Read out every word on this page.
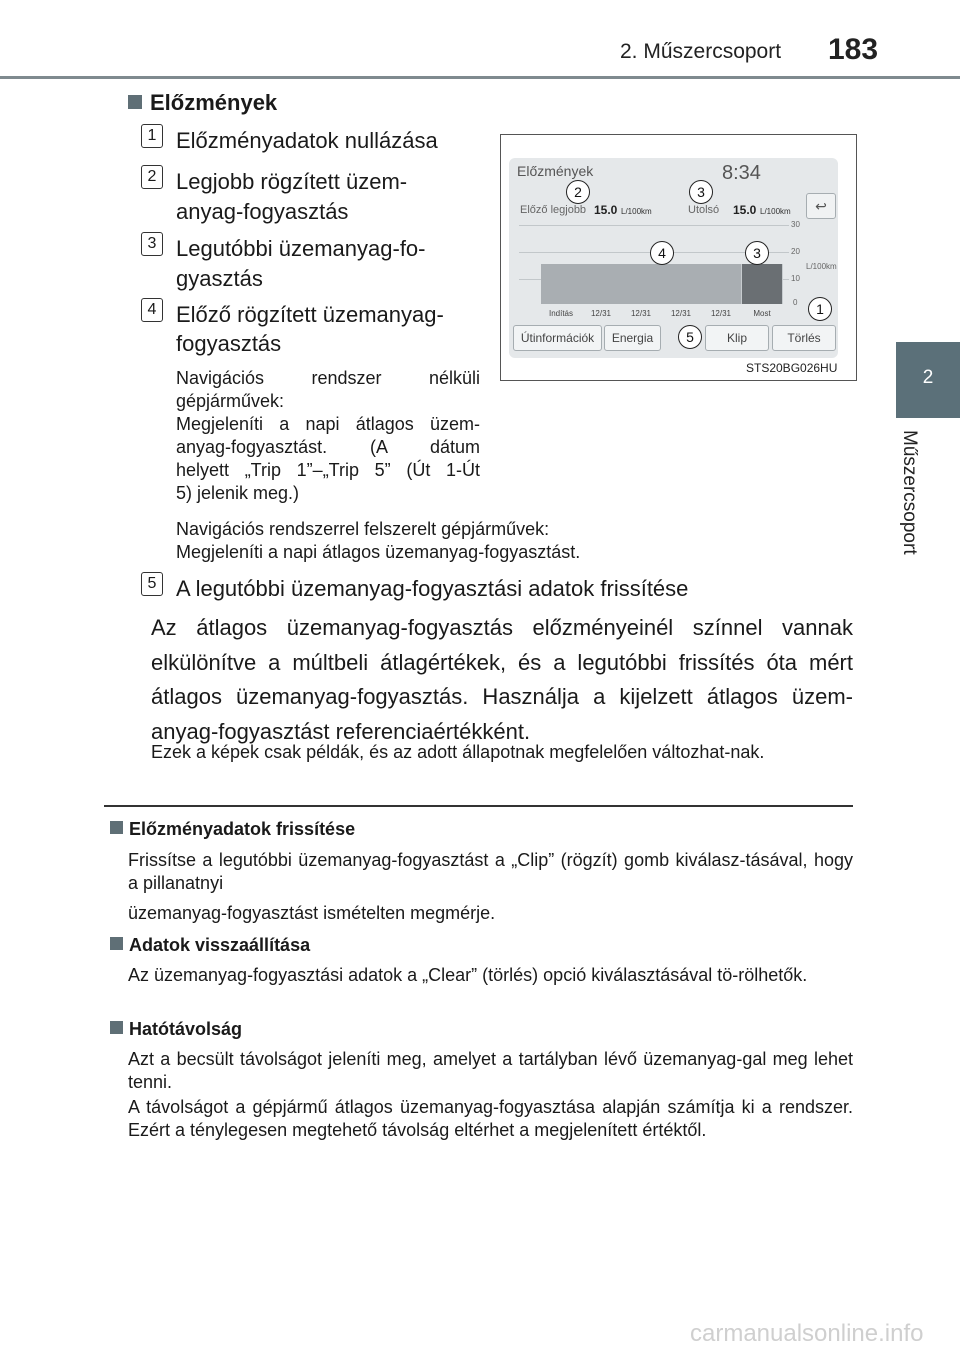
2. Műszercsoport 183
2
Műszercsoport
Előzmények
1 Előzményadatok nullázása
2 Legjobb rögzített üzem-
anyag-fogyasztás
3 Legutóbbi üzemanyag-fo-
gyasztás
4 Előző rögzített üzemanyag-
fogyasztás
Navigációs rendszer nélküli
gépjárművek:
Megjeleníti a napi átlagos üzem-
anyag-fogyasztást. (A dátum
helyett „Trip 1”–„Trip 5” (Út 1-Út
5) jelenik meg.)
Navigációs rendszerrel felszerelt gépjárművek:
Megjeleníti a napi átlagos üzemanyag-fogyasztást.
5 A legutóbbi üzemanyag-fogyasztási adatok frissítése
Az átlagos üzemanyag-fogyasztás előzményeinél színnel vannak elkülönítve a múltbeli átlagértékek, és a legutóbbi frissítés óta mért átlagos üzemanyag-fogyasztás. Használja a kijelzett átlagos üzem-anyag-fogyasztást referenciaértékként.
Ezek a képek csak példák, és az adott állapotnak megfelelően változhat-nak.
Előzményadatok frissítése
Frissítse a legutóbbi üzemanyag-fogyasztást a „Clip” (rögzít) gomb kiválasz-tásával, hogy a pillanatnyi
üzemanyag-fogyasztást ismételten megmérje.
Adatok visszaállítása
Az üzemanyag-fogyasztási adatok a „Clear” (törlés) opció kiválasztásával tö-rölhetők.
Hatótávolság
Azt a becsült távolságot jeleníti meg, amelyet a tartályban lévő üzemanyag-gal meg lehet tenni.
A távolságot a gépjármű átlagos üzemanyag-fogyasztása alapján számítja ki a rendszer. Ezért a ténylegesen megtehető távolság eltérhet a megjelenített értéktől.
Előzmények	8:34
↩
Előző legjobb 15.0 L/100km	Utolsó 15.0 L/100km
30
20
10
0
L/100km
Indítás	12/31	12/31	12/31	12/31	Most
Útinformációk	Energia	Klip	Törlés
1
2	3
3
4
5
STS20BG026HU
carmanualsonline.info
